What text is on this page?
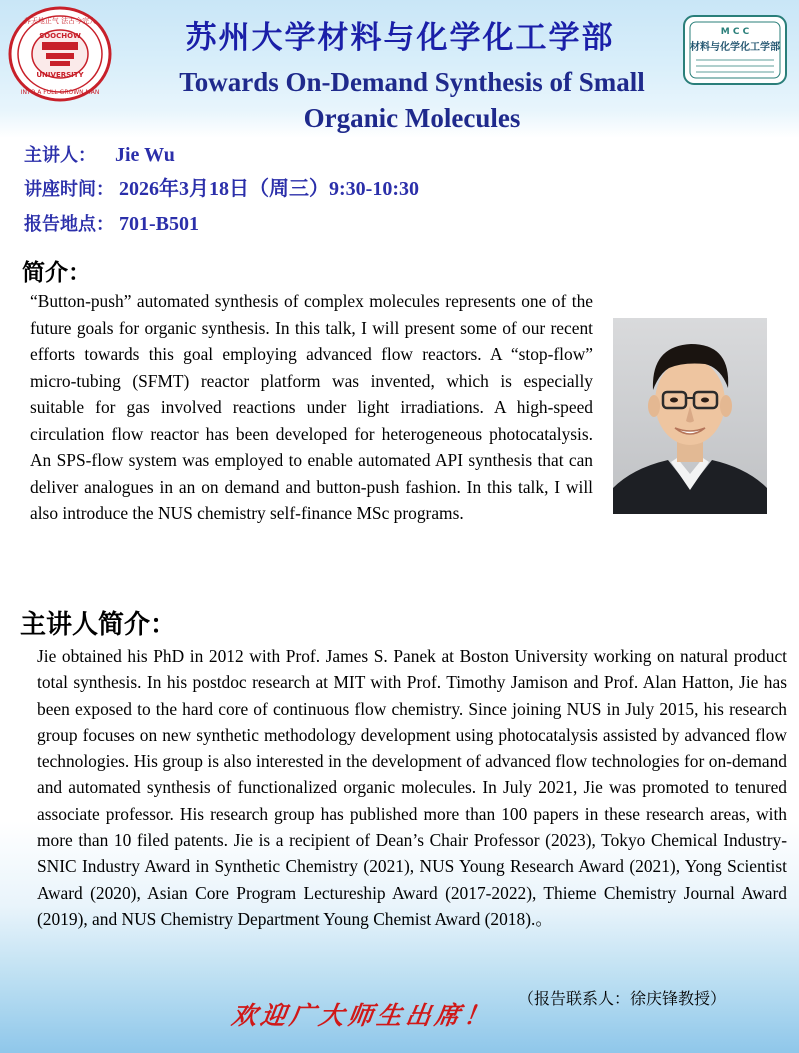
养天地正气 法古今完人
INTO A FULL GROWN MAN
SOOCHOW
UNIVERSITY
材料与化学化工学部
M C C
苏州大学材料与化学化工学部
Towards On-Demand Synthesis of Small
Organic Molecules
主讲人： Jie Wu
讲座时间： 2026年3月18日（周三）9:30-10:30
报告地点： 701-B501
简介：
“Button-push” automated synthesis of complex molecules represents one of the future goals for organic synthesis. In this talk, I will present some of our recent efforts towards this goal employing advanced flow reactors. A “stop-flow” micro-tubing (SFMT) reactor platform was invented, which is especially suitable for gas involved reactions under light irradiations. A high-speed circulation flow reactor has been developed for heterogeneous photocatalysis. An SPS-flow system was employed to enable automated API synthesis that can deliver analogues in an on demand and button-push fashion. In this talk, I will also introduce the NUS chemistry self-finance MSc programs.
主讲人简介：
Jie obtained his PhD in 2012 with Prof. James S. Panek at Boston University working on natural product total synthesis. In his postdoc research at MIT with Prof. Timothy Jamison and Prof. Alan Hatton, Jie has been exposed to the hard core of continuous flow chemistry. Since joining NUS in July 2015, his research group focuses on new synthetic methodology development using photocatalysis assisted by advanced flow technologies. His group is also interested in the development of advanced flow technologies for on-demand and automated synthesis of functionalized organic molecules. In July 2021, Jie was promoted to tenured associate professor. His research group has published more than 100 papers in these research areas, with more than 10 filed patents. Jie is a recipient of Dean’s Chair Professor (2023), Tokyo Chemical Industry-SNIC Industry Award in Synthetic Chemistry (2021), NUS Young Research Award (2021), Yong Scientist Award (2020), Asian Core Program Lectureship Award (2017-2022), Thieme Chemistry Journal Award (2019), and NUS Chemistry Department Young Chemist Award (2018).。
（报告联系人：徐庆锋教授）
欢迎广大师生出席！
